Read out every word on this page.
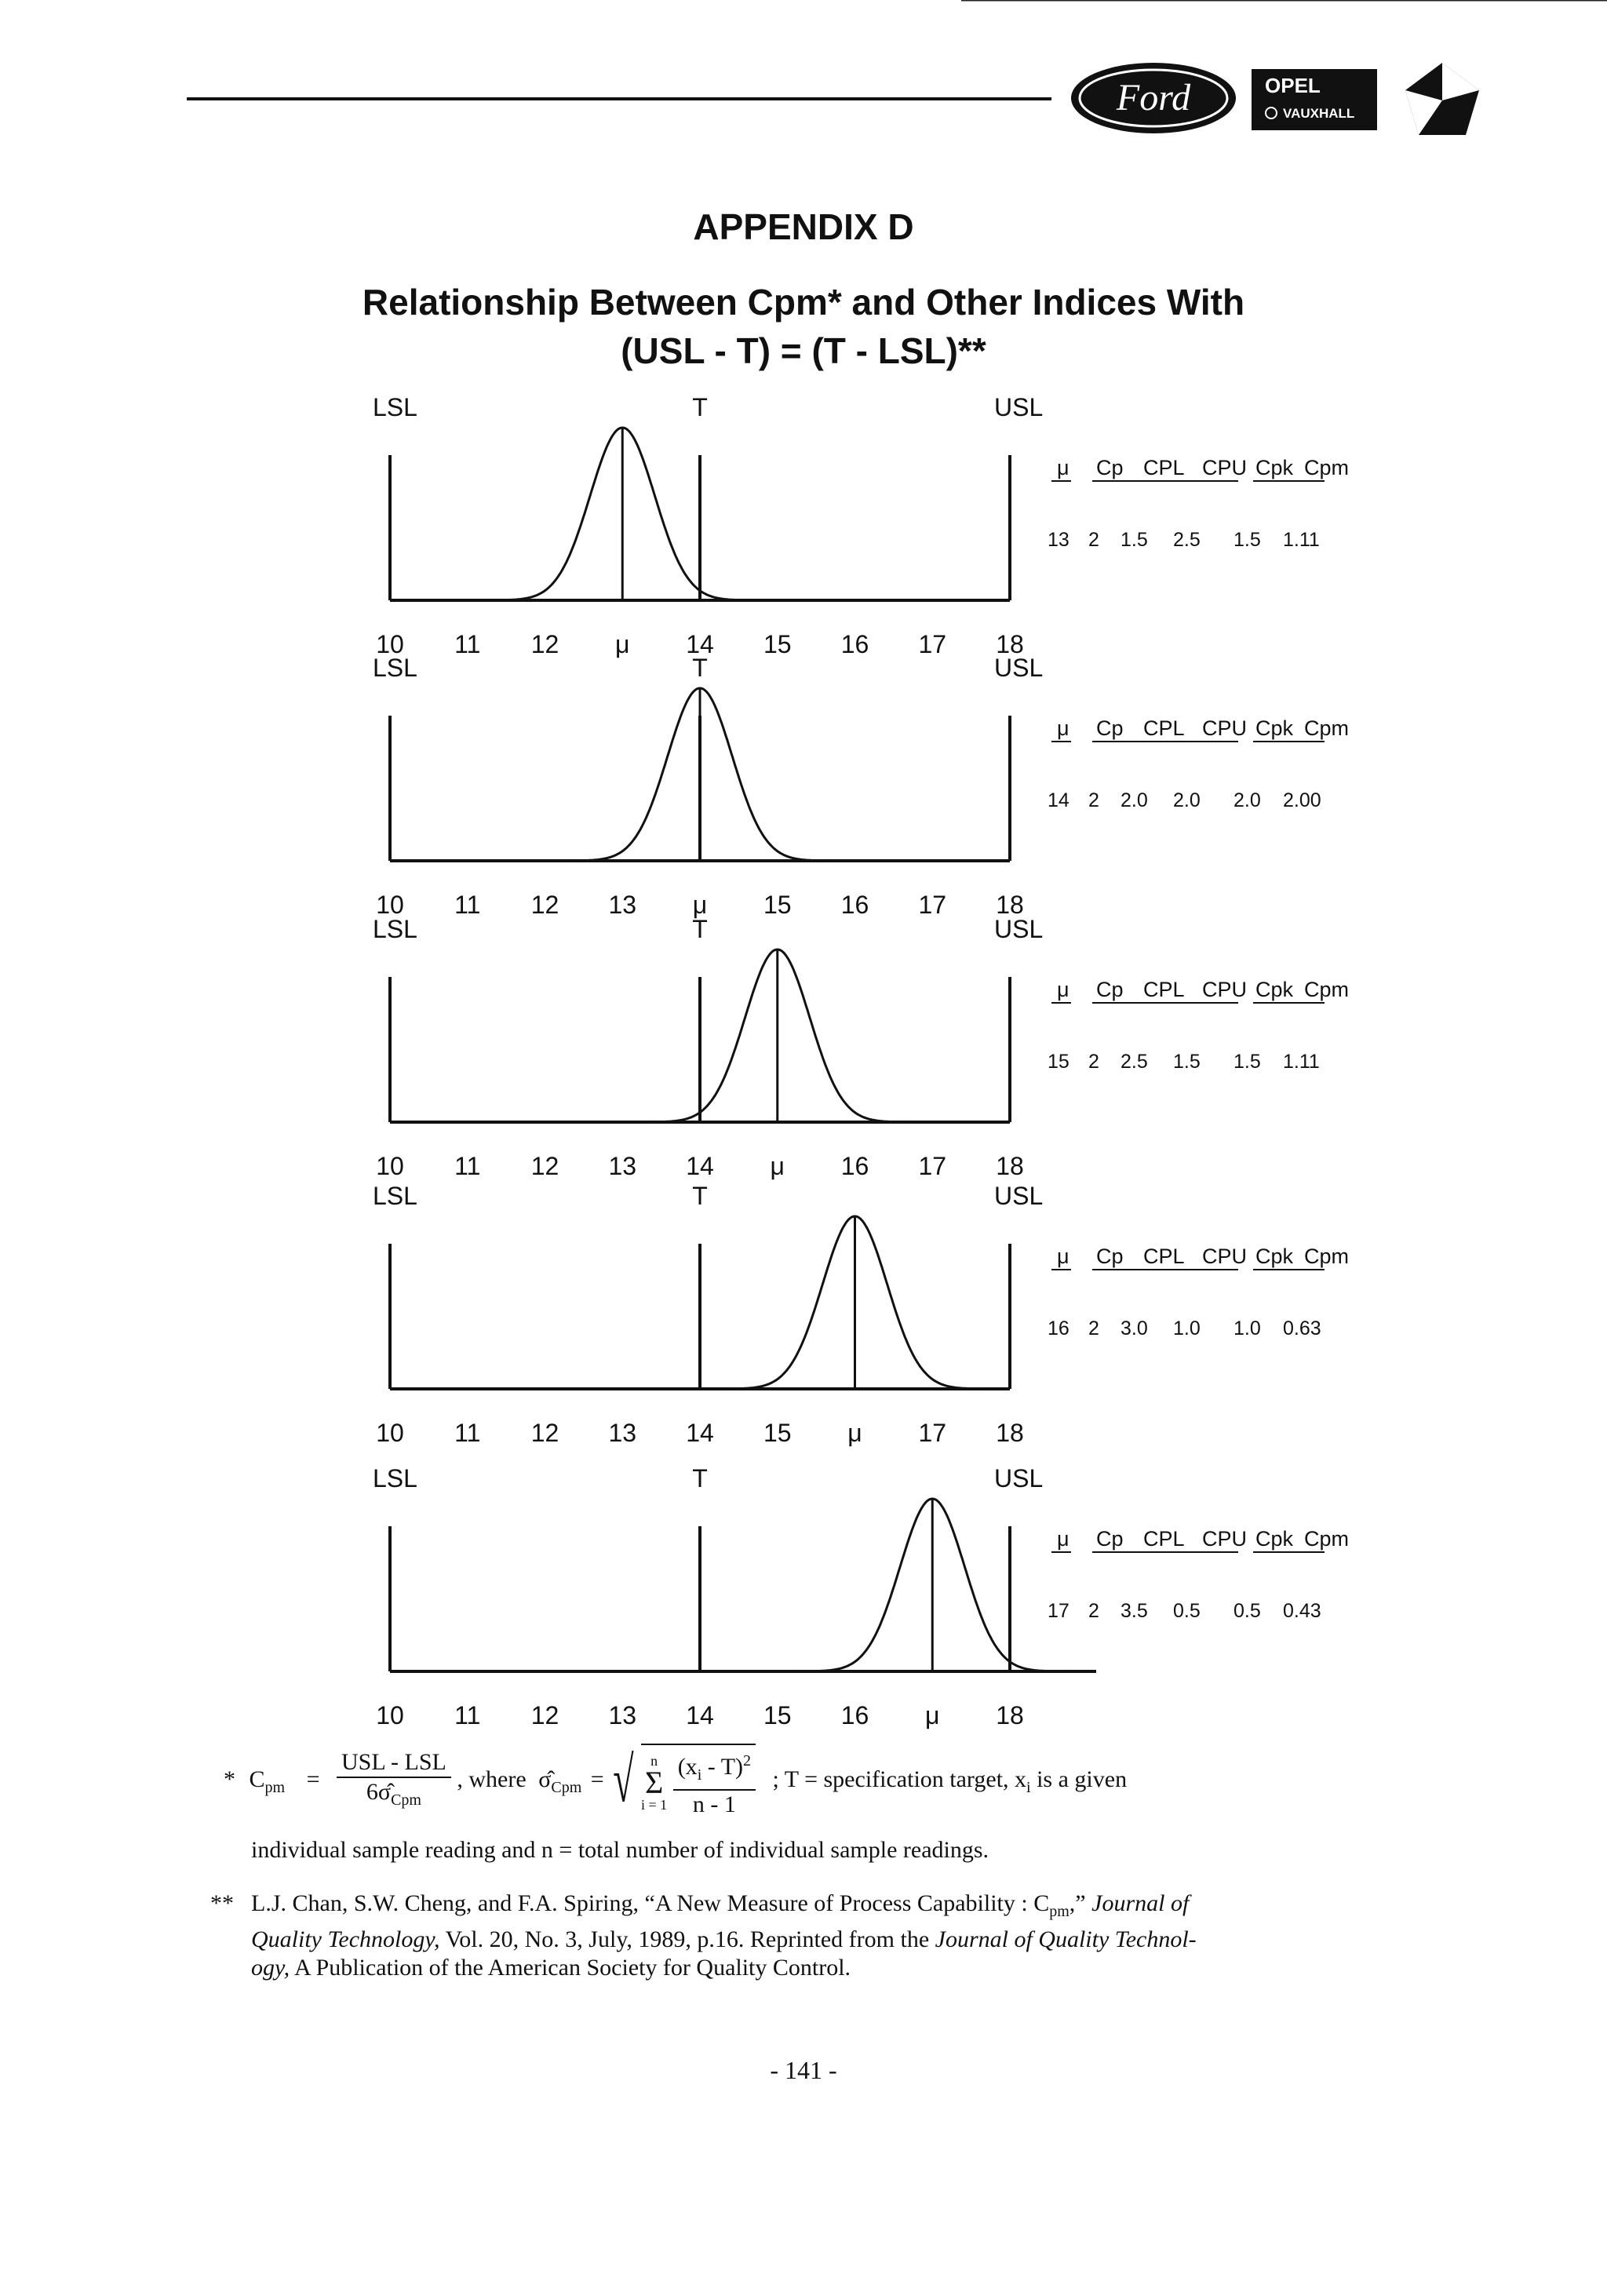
Ford	OPEL
VAUXHALL
LSL	T	USL
10 11 12 μ 14 15 16 17 18
μ Cp CPL CPU Cpk Cpm
13 2 1.5 2.5 1.5 1.11
LSL	T	USL
10 11 12 13 μ 15 16 17 18
μ Cp CPL CPU Cpk Cpm
14 2 2.0 2.0 2.0 2.00
LSL	T	USL
10 11 12 13 14 μ 16 17 18
μ Cp CPL CPU Cpk Cpm
15 2 2.5 1.5 1.5 1.11
LSL	T	USL
10 11 12 13 14 15 μ 17 18
μ Cp CPL CPU Cpk Cpm
16 2 3.0 1.0 1.0 0.63
LSL	T	USL
10 11 12 13 14 15 16 μ 18
μ Cp CPL CPU Cpk Cpm
17 2 3.5 0.5 0.5 0.43
APPENDIX D
Relationship Between Cpm* and Other Indices With
(USL - T) = (T - LSL)**
* $C_{pm} = \frac{\text{USL - LSL}}{6\sigmâ_{Cpm}}$ , where $\sigmâ_{Cpm}$ = √	n
Σ
i = 1
$\frac{(x_i - T)^2}{n - 1}$ ; T = specification target, $x_i$ is a given
individual sample reading and n = total number of individual sample readings.
** L.J. Chan, S.W. Cheng, and F.A. Spiring, “A New Measure of Process Capability : $C_{pm}$,” Journal of
Quality Technology, Vol. 20, No. 3, July, 1989, p.16. Reprinted from the Journal of Quality Technol-
ogy, A Publication of the American Society for Quality Control.
- 141 -
